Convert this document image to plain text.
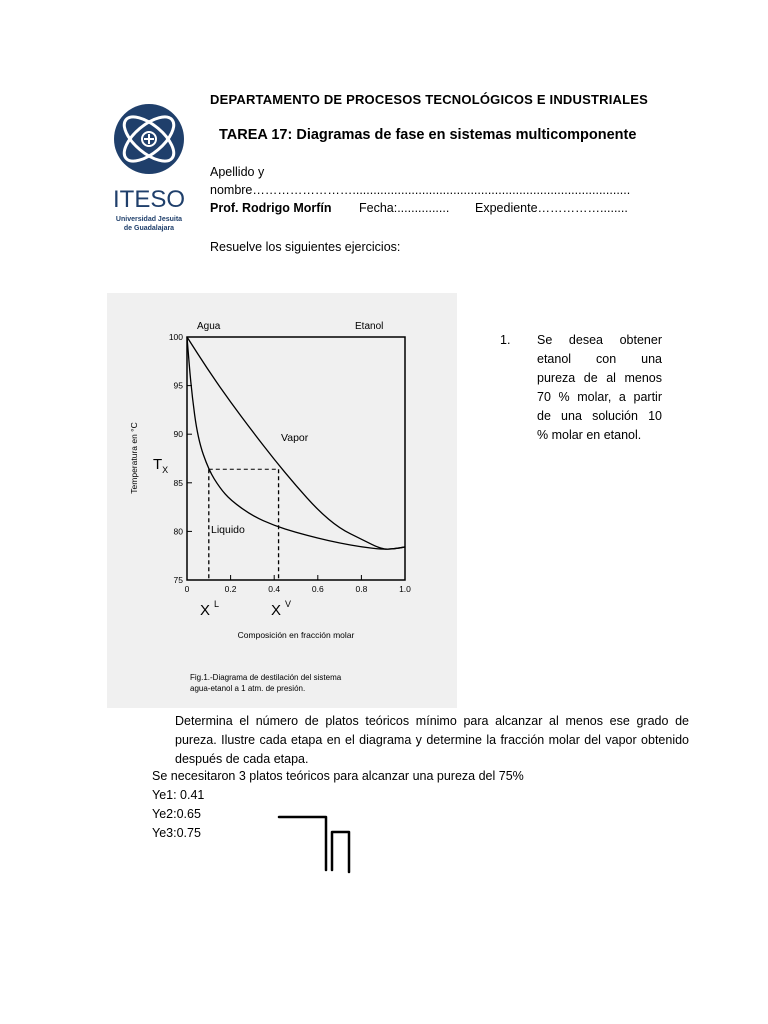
ITESO
Universidad Jesuita
de Guadalajara
DEPARTAMENTO DE PROCESOS TECNOLÓGICOS E INDUSTRIALES
TAREA 17: Diagramas de fase en sistemas multicomponente
Apellido y
nombre……………………................................................................................
Prof. Rodrigo Morfín Fecha:............... Expediente……………........
Resuelve los siguientes ejercicios:
0	0.2	0.4	0.6	0.8	1.0
75
80
85
90
95
100
Agua	Etanol
Vapor
Liquido
$T_X$
X $^L$	X $^V$
Composición en fracción molar
Temperatura en °C
Fig.1.-Diagrama de destilación del sistema
agua-etanol a 1 atm. de presión.
1. Se desea obtener
etanol con una
pureza de al menos
70 % molar, a partir
de una solución 10
% molar en etanol.
Determina el número de platos teóricos mínimo para alcanzar al menos ese grado de pureza. Ilustre cada etapa en el diagrama y determine la fracción molar del vapor obtenido después de cada etapa.
Se necesitaron 3 platos teóricos para alcanzar una pureza del 75%
Ye1: 0.41
Ye2:0.65
Ye3:0.75
